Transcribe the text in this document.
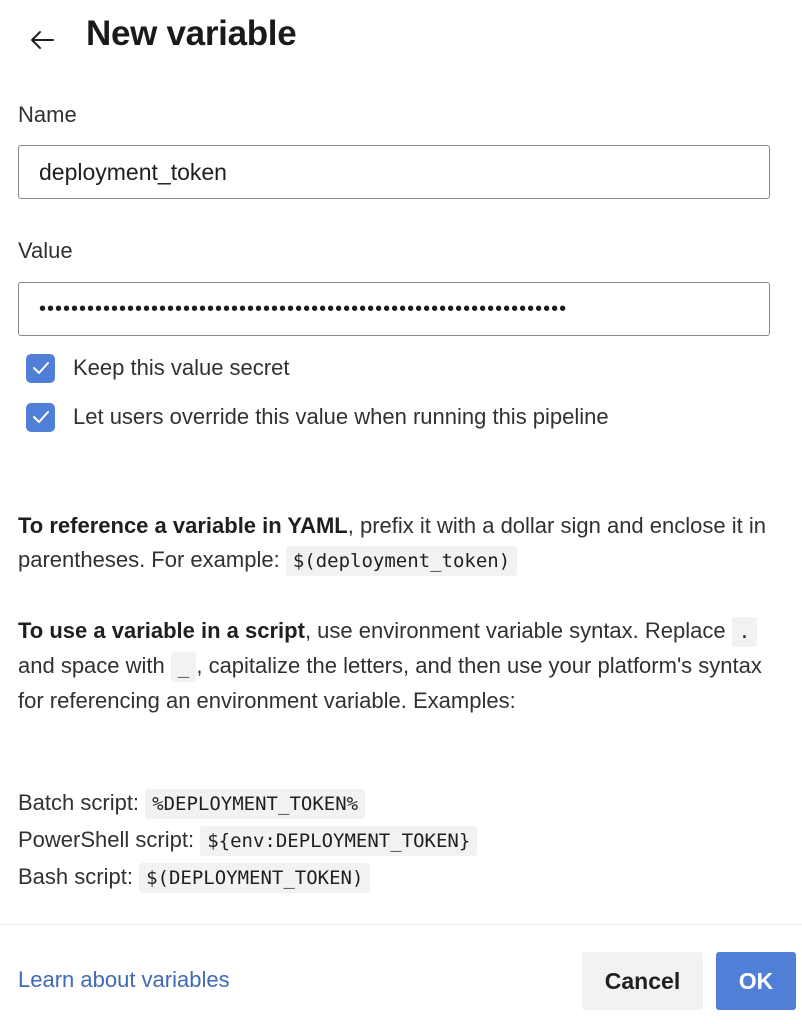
New variable
Name
deployment_token
Value
••••••••••••••••••••••••••••••••••••••••••••••••••••••••••••••••••
Keep this value secret
Let users override this value when running this pipeline
To reference a variable in YAML, prefix it with a dollar sign and enclose it in parentheses. For example: $(deployment_token)
To use a variable in a script, use environment variable syntax. Replace . and space with _ , capitalize the letters, and then use your platform's syntax for referencing an environment variable. Examples:
Batch script: %DEPLOYMENT_TOKEN%
PowerShell script: ${env:DEPLOYMENT_TOKEN}
Bash script: $(DEPLOYMENT_TOKEN)
Learn about variables	Cancel	OK
